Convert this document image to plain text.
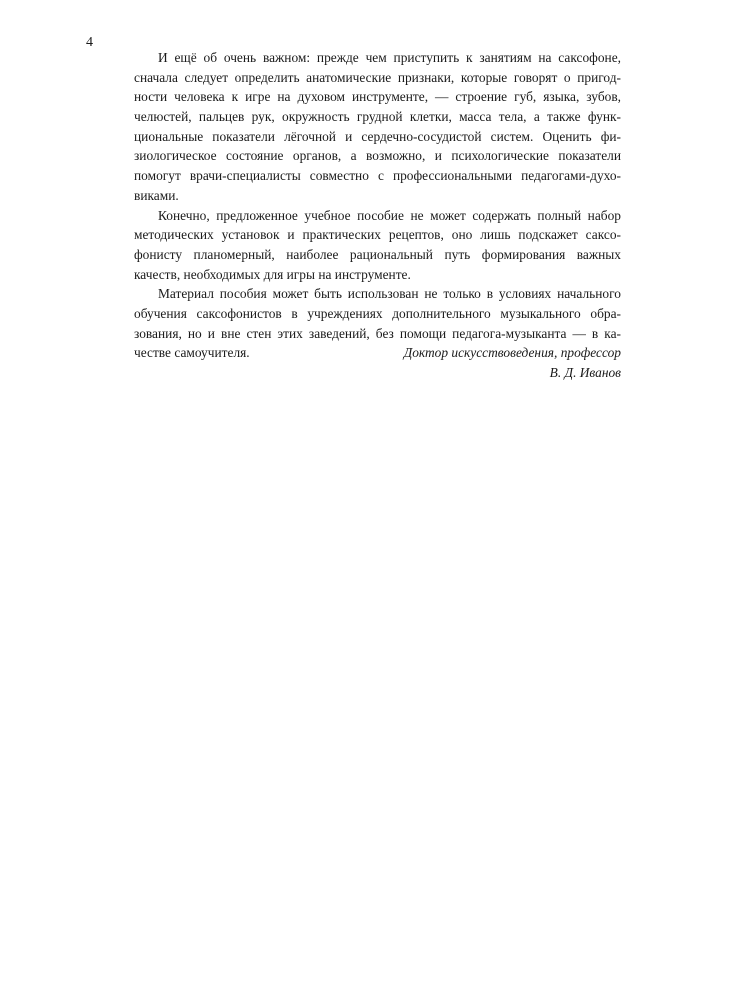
4

И ещё об очень важном: прежде чем приступить к занятиям на саксофоне,
сначала следует определить анатомические признаки, которые говорят о пригод-
ности человека к игре на духовом инструменте, — строение губ, языка, зубов,
челюстей, пальцев рук, окружность грудной клетки, масса тела, а также функ-
циональные показатели лёгочной и сердечно-сосудистой систем. Оценить фи-
зиологическое состояние органов, а возможно, и психологические показатели
помогут врачи-специалисты совместно с профессиональными педагогами-духо-
виками.

Конечно, предложенное учебное пособие не может содержать полный набор
методических установок и практических рецептов, оно лишь подскажет саксо-
фонисту планомерный, наиболее рациональный путь формирования важных
качеств, необходимых для игры на инструменте.

Материал пособия может быть использован не только в условиях начального
обучения саксофонистов в учреждениях дополнительного музыкального обра-
зования, но и вне стен этих заведений, без помощи педагога-музыканта — в ка-
честве самоучителя.	Доктор искусствоведения, профессор
В. Д. Иванов
